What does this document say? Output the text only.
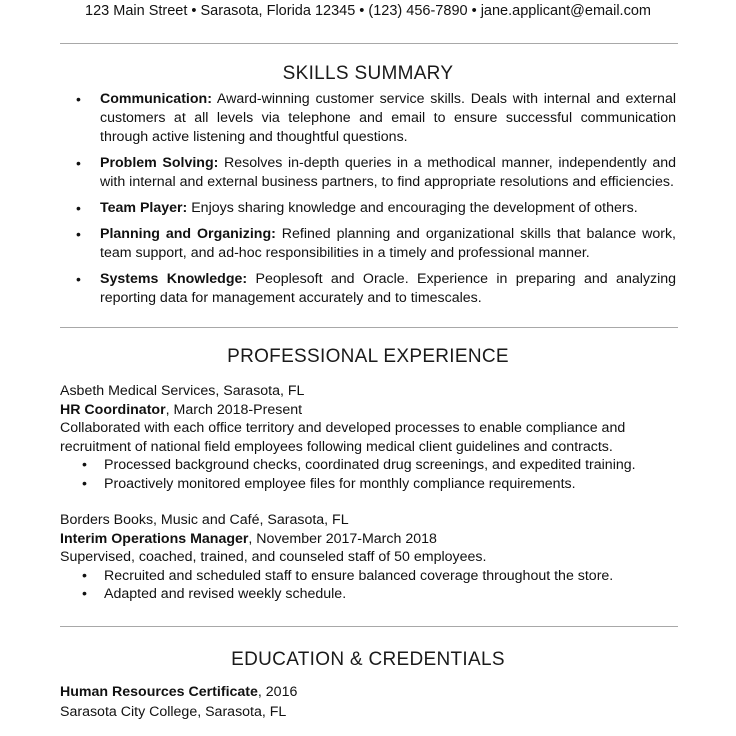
123 Main Street • Sarasota, Florida 12345 • (123) 456-7890 • jane.applicant@email.com
SKILLS SUMMARY
• Communication: Award-winning customer service skills. Deals with internal and external customers at all levels via telephone and email to ensure successful communication through active listening and thoughtful questions.
• Problem Solving: Resolves in-depth queries in a methodical manner, independently and with internal and external business partners, to find appropriate resolutions and efficiencies.
• Team Player: Enjoys sharing knowledge and encouraging the development of others.
• Planning and Organizing: Refined planning and organizational skills that balance work, team support, and ad-hoc responsibilities in a timely and professional manner.
• Systems Knowledge: Peoplesoft and Oracle. Experience in preparing and analyzing reporting data for management accurately and to timescales.
PROFESSIONAL EXPERIENCE
Asbeth Medical Services, Sarasota, FL
HR Coordinator, March 2018-Present
Collaborated with each office territory and developed processes to enable compliance and recruitment of national field employees following medical client guidelines and contracts.
• Processed background checks, coordinated drug screenings, and expedited training.
• Proactively monitored employee files for monthly compliance requirements.
Borders Books, Music and Café, Sarasota, FL
Interim Operations Manager, November 2017-March 2018
Supervised, coached, trained, and counseled staff of 50 employees.
• Recruited and scheduled staff to ensure balanced coverage throughout the store.
• Adapted and revised weekly schedule.
EDUCATION & CREDENTIALS
Human Resources Certificate, 2016
Sarasota City College, Sarasota, FL
